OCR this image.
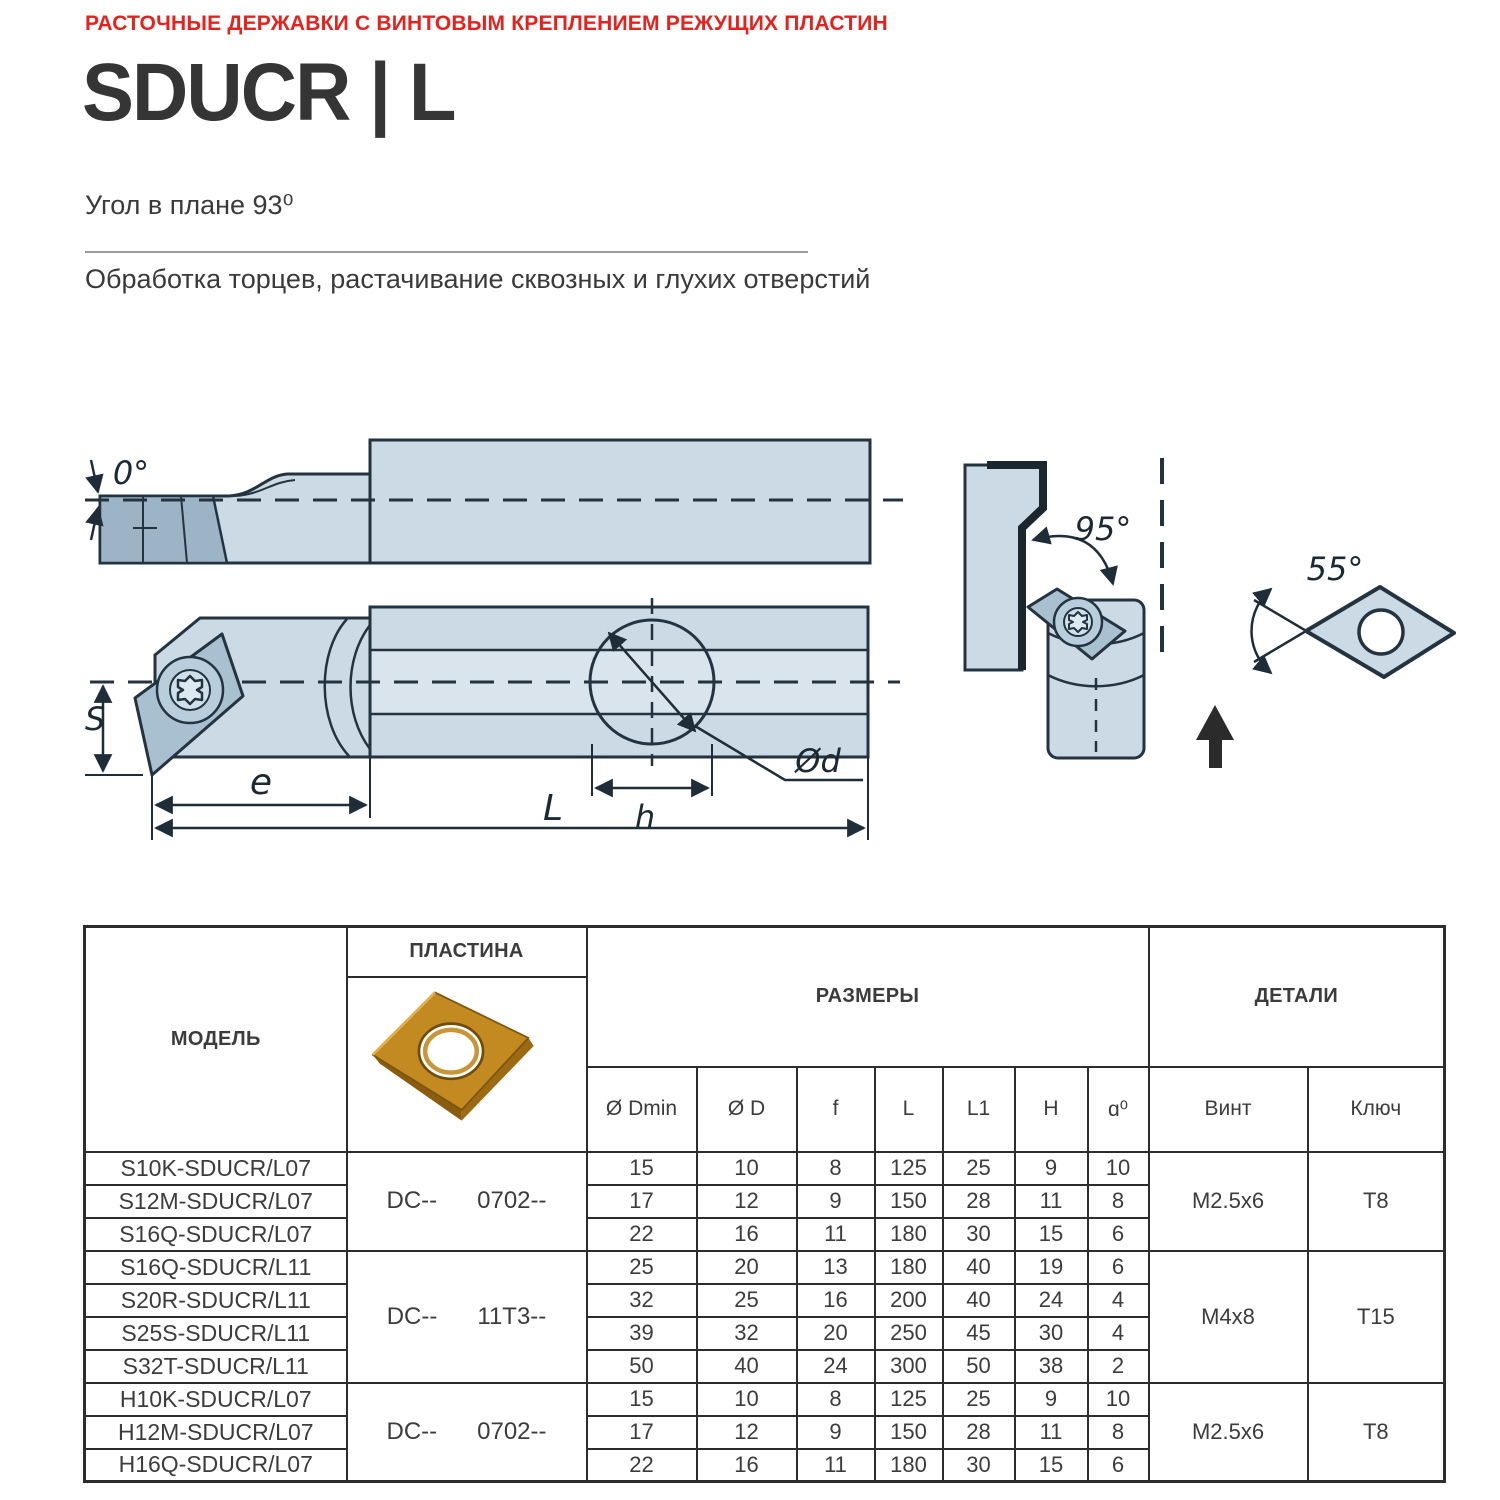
РАСТОЧНЫЕ ДЕРЖАВКИ С ВИНТОВЫМ КРЕПЛЕНИЕМ РЕЖУЩИХ ПЛАСТИН
SDUCR | L
Угол в плане 93⁰
Обработка торцев, растачивание сквозных и глухих отверстий
0°
Ød
S
h
e
L
95°
55°
МОДЕЛЬ	ПЛАСТИНА	РАЗМЕРЫ							ДЕТАЛИ	

		Ø Dmin	Ø D	f	L	L1	H	ɑ⁰	Винт	Ключ
S10K-SDUCR/L07	DC--      0702--	15	10	8	125	25	9	10	M2.5x6	T8
S12M-SDUCR/L07		17	12	9	150	28	11	8		
S16Q-SDUCR/L07		22	16	11	180	30	15	6		
S16Q-SDUCR/L11	DC--      11T3--	25	20	13	180	40	19	6	M4x8	T15
S20R-SDUCR/L11		32	25	16	200	40	24	4		
S25S-SDUCR/L11		39	32	20	250	45	30	4		
S32T-SDUCR/L11		50	40	24	300	50	38	2		
H10K-SDUCR/L07	DC--      0702--	15	10	8	125	25	9	10	M2.5x6	T8
H12M-SDUCR/L07		17	12	9	150	28	11	8		
H16Q-SDUCR/L07		22	16	11	180	30	15	6		
